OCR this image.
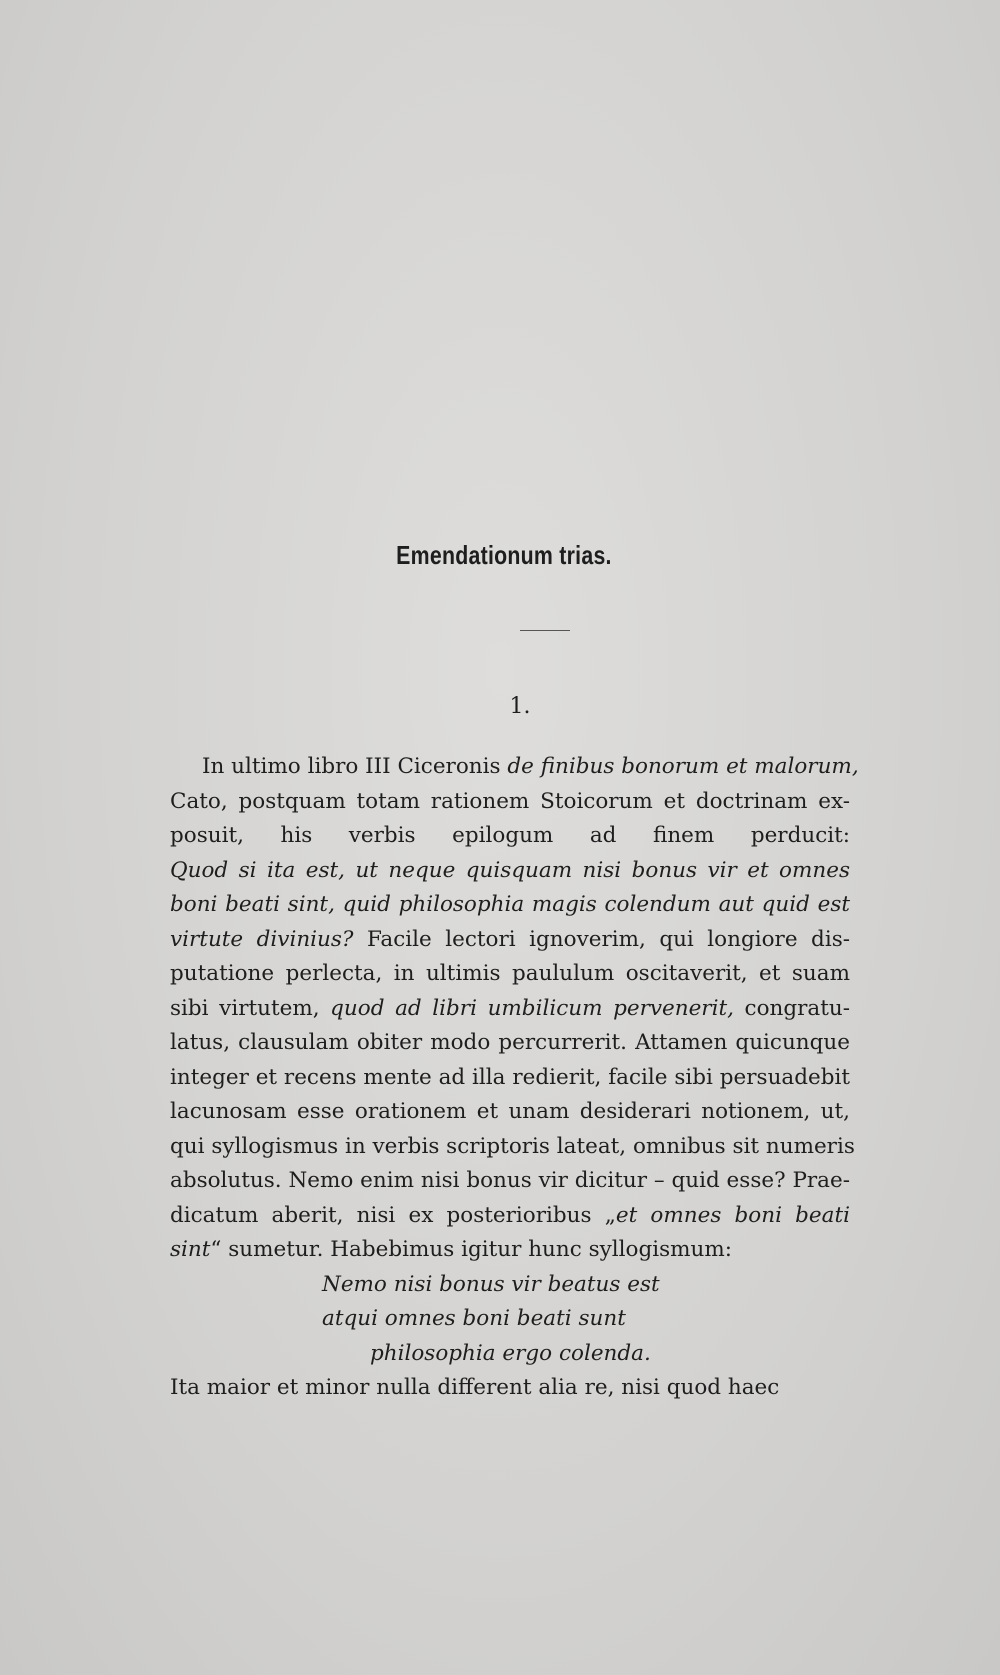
Emendationum trias.
1.
In ultimo libro III Ciceronis de finibus bonorum et malorum,
Cato, postquam totam rationem Stoicorum et doctrinam ex-
posuit, his verbis epilogum ad finem perducit:
Quod si ita est, ut neque quisquam nisi bonus vir et omnes
boni beati sint, quid philosophia magis colendum aut quid est
virtute divinius? Facile lectori ignoverim, qui longiore dis-
putatione perlecta, in ultimis paululum oscitaverit, et suam
sibi virtutem, quod ad libri umbilicum pervenerit, congratu-
latus, clausulam obiter modo percurrerit. Attamen quicunque
integer et recens mente ad illa redierit, facile sibi persuadebit
lacunosam esse orationem et unam desiderari notionem, ut,
qui syllogismus in verbis scriptoris lateat, omnibus sit numeris
absolutus. Nemo enim nisi bonus vir dicitur – quid esse? Prae-
dicatum aberit, nisi ex posterioribus „et omnes boni beati
sint“ sumetur. Habebimus igitur hunc syllogismum:
Nemo nisi bonus vir beatus est
atqui omnes boni beati sunt
philosophia ergo colenda.
Ita maior et minor nulla different alia re, nisi quod haec
